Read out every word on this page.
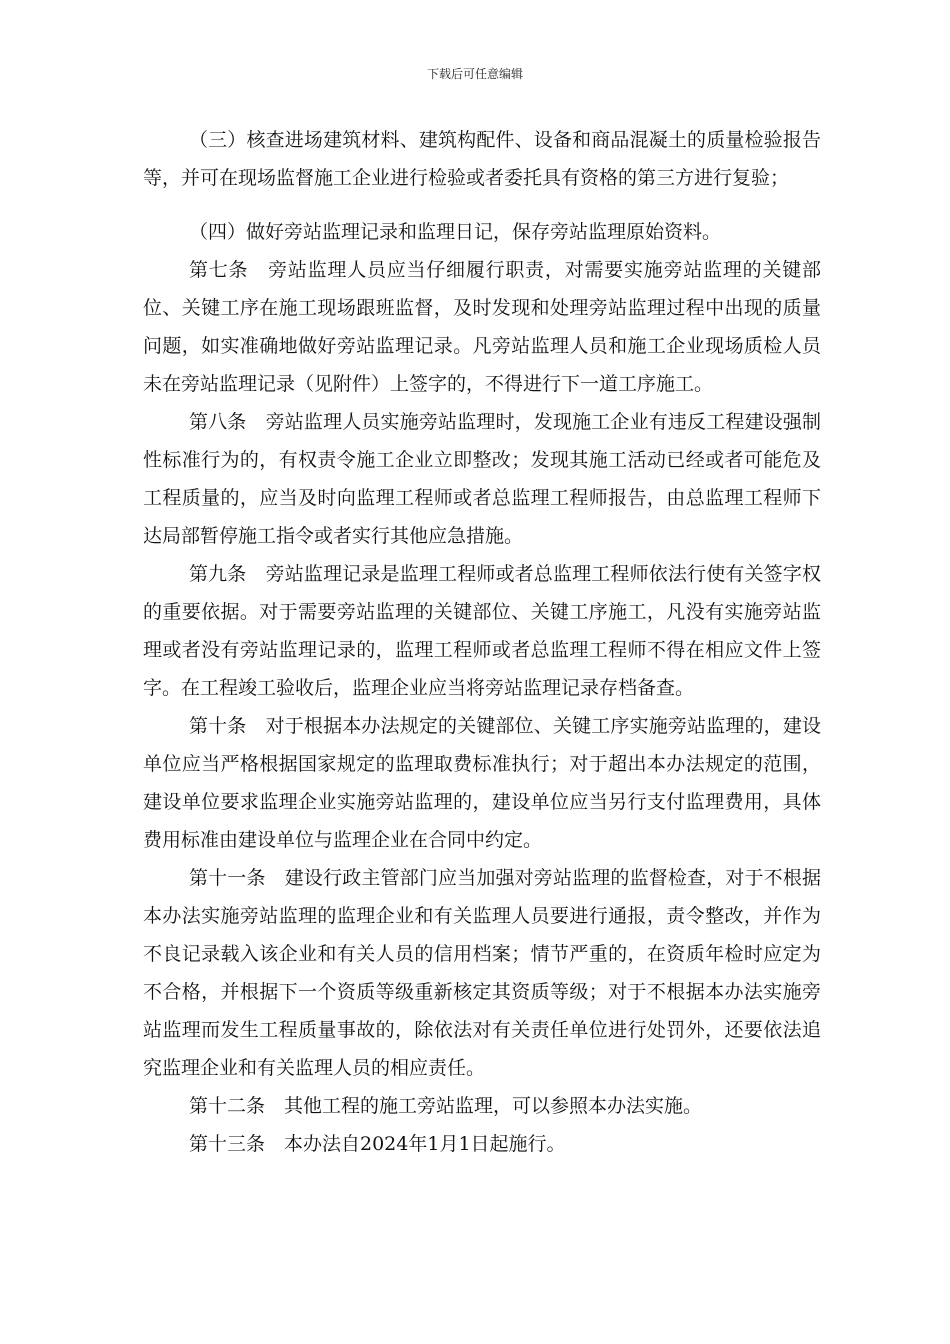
下载后可任意编辑

（三）核查进场建筑材料、建筑构配件、设备和商品混凝土的质量检验报告等，并可在现场监督施工企业进行检验或者委托具有资格的第三方进行复验；

（四）做好旁站监理记录和监理日记，保存旁站监理原始资料。

第七条　旁站监理人员应当仔细履行职责，对需要实施旁站监理的关键部位、关键工序在施工现场跟班监督，及时发现和处理旁站监理过程中出现的质量问题，如实准确地做好旁站监理记录。凡旁站监理人员和施工企业现场质检人员未在旁站监理记录（见附件）上签字的，不得进行下一道工序施工。

第八条　旁站监理人员实施旁站监理时，发现施工企业有违反工程建设强制性标准行为的，有权责令施工企业立即整改；发现其施工活动已经或者可能危及工程质量的，应当及时向监理工程师或者总监理工程师报告，由总监理工程师下达局部暂停施工指令或者实行其他应急措施。

第九条　旁站监理记录是监理工程师或者总监理工程师依法行使有关签字权的重要依据。对于需要旁站监理的关键部位、关键工序施工，凡没有实施旁站监理或者没有旁站监理记录的，监理工程师或者总监理工程师不得在相应文件上签字。在工程竣工验收后，监理企业应当将旁站监理记录存档备查。

第十条　对于根据本办法规定的关键部位、关键工序实施旁站监理的，建设单位应当严格根据国家规定的监理取费标准执行；对于超出本办法规定的范围，建设单位要求监理企业实施旁站监理的，建设单位应当另行支付监理费用，具体费用标准由建设单位与监理企业在合同中约定。

第十一条　建设行政主管部门应当加强对旁站监理的监督检查，对于不根据本办法实施旁站监理的监理企业和有关监理人员要进行通报，责令整改，并作为不良记录载入该企业和有关人员的信用档案；情节严重的，在资质年检时应定为不合格，并根据下一个资质等级重新核定其资质等级；对于不根据本办法实施旁站监理而发生工程质量事故的，除依法对有关责任单位进行处罚外，还要依法追究监理企业和有关监理人员的相应责任。

第十二条　其他工程的施工旁站监理，可以参照本办法实施。

第十三条　本办法自2024年1月1日起施行。
